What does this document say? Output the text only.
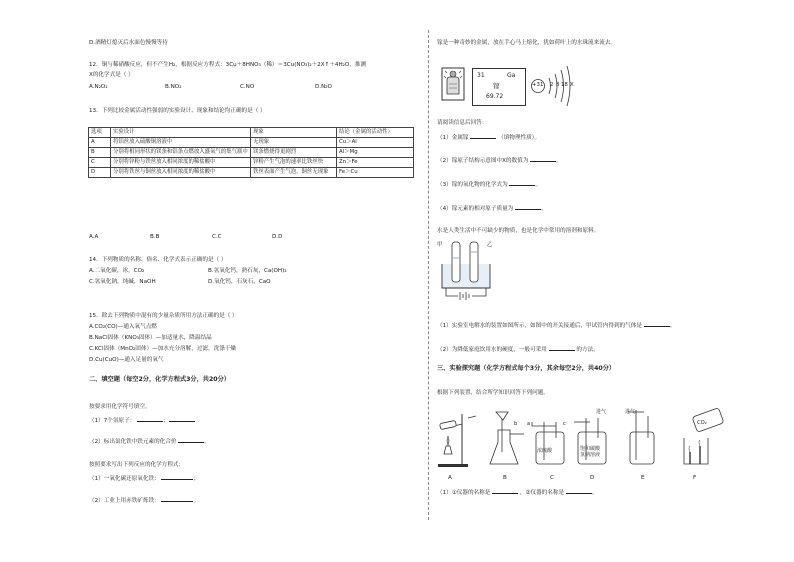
D.酒精灯熄灭后水面色慢慢等待
12．铜与稀硝酸反应，但不产生H₂，根据反应方程式：3Cu＋8HNO₃（稀）＝3Cu(NO₃)₂＋2X↑＋4H₂O，推测
X的化学式是（ ）
A.N₂O₂	B.NO₂	C.NO	D.N₂O
13．下列比较金属活动性强弱的实验设计、现象和结论均正确的是（ ）
选项	实验设计	现象	结论（金属的活动性）
A	将铝丝放入硫酸铜溶液中	无现象	Cu＞Al
B	分别将相同形状的镁条和铝条点燃放入盛氧气的集气瓶中	镁条燃烧得更剧烈	Al＞Mg
C	分别将锌粉与铁丝放入相同浓度的稀盐酸中	锌粉产生气泡的速率比铁丝快	Zn＞Fe
D	分别将铁丝与铜丝放入相同浓度的稀盐酸中	铁丝表面产生气泡，铜丝无现象	Fe＞Cu
A.A	B.B	C.C	D.D
14．下列物质的名称、俗名、化学式表示正确的是（ ）
A.二氧化碳，冰，CO₂	B.氢氧化钙，熟石灰，Ca(OH)₂
C.氢氧化钠，纯碱，NaOH	D.氧化钙，石灰石，CaO
15．除去下列物质中混有的少量杂质所用方法正确的是（ ）
A.CO₂(CO)—通入氧气点燃
B.NaCl固体（KNO₃固体）—加适量水，降温结晶
C.KCl固体（MnO₂固体）—加水充分溶解，过滤，洗涤干燥
D.Cu(CuO)—通入足量的氧气
二、填空题（每空2分，化学方程式3分，共20分）
按要求用化学符号填空。
（1）7个氢原子：	；
（2）标出氯化铁中铁元素的化合价	。
按照要求写出下列反应的化学方程式：
（1）一氧化碳还原氧化铁：	；
（2）工业上用赤铁矿炼铁：	。
镓是一种奇妙的金属，放在手心马上熔化，犹如荷叶上的水珠流来流去。
31	Ga
镓
69.72
+31 2 8 18 X
请阅读信息后回答：
（1）金属镓	（填物理性质）。
（2）镓原子结构示意图中X的数值为	。
（3）镓的氧化物的化学式为	。
（4）镓元素的相对原子质量为	。
水是人类生活中不可缺少的物质，也是化学中常用的溶剂和原料。
甲	乙
（1）实验室电解水的装置如图所示，如图中的开关接通后，甲试管内得到的气体是	。
（2）为降低家庭饮用水的硬度，一般可采用	的方法。
三、实验探究题（化学方程式每个3分，其余每空2分，共40分）
根据下列装置，结合所学知识回答下列问题。
b a	c
进气	进气
浓硫酸	饱和碳酸氢钠溶液
CO₂
A	B	C	D	E	F
（1）①仪器的名称是	，②仪器的名称是	。
